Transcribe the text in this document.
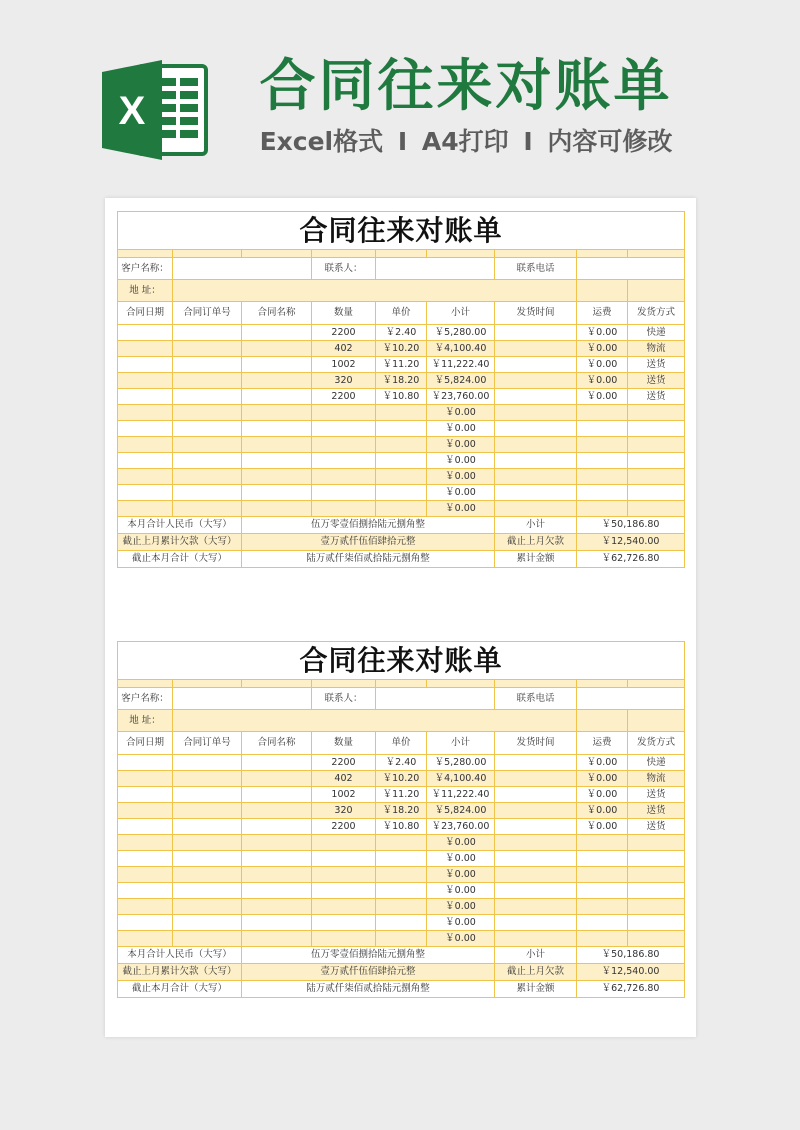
X	合同往来对账单
Excel格式 I A4打印 I 内容可修改
合同往来对账单								

客户名称：			联系人：			联系电话		
地 址：								
合同日期	合同订单号	合同名称	数量	单价	小计	发货时间	运费	发货方式
			2200	￥2.40	￥5,280.00		￥0.00	快递
			402	￥10.20	￥4,100.40		￥0.00	物流
			1002	￥11.20	￥11,222.40		￥0.00	送货
			320	￥18.20	￥5,824.00		￥0.00	送货
			2200	￥10.80	￥23,760.00		￥0.00	送货
					￥0.00			
					￥0.00			
					￥0.00			
					￥0.00			
					￥0.00			
					￥0.00			
					￥0.00			
本月合计人民币（大写）		伍万零壹佰捌拾陆元捌角整				小计	￥50,186.80	
截止上月累计欠款（大写）		壹万贰仟伍佰肆拾元整				截止上月欠款	￥12,540.00	
截止本月合计（大写）		陆万贰仟柒佰贰拾陆元捌角整				累计金额	￥62,726.80	
合同往来对账单								

客户名称：			联系人：			联系电话		
地 址：								
合同日期	合同订单号	合同名称	数量	单价	小计	发货时间	运费	发货方式
			2200	￥2.40	￥5,280.00		￥0.00	快递
			402	￥10.20	￥4,100.40		￥0.00	物流
			1002	￥11.20	￥11,222.40		￥0.00	送货
			320	￥18.20	￥5,824.00		￥0.00	送货
			2200	￥10.80	￥23,760.00		￥0.00	送货
					￥0.00			
					￥0.00			
					￥0.00			
					￥0.00			
					￥0.00			
					￥0.00			
					￥0.00			
本月合计人民币（大写）		伍万零壹佰捌拾陆元捌角整				小计	￥50,186.80	
截止上月累计欠款（大写）		壹万贰仟伍佰肆拾元整				截止上月欠款	￥12,540.00	
截止本月合计（大写）		陆万贰仟柒佰贰拾陆元捌角整				累计金额	￥62,726.80	
